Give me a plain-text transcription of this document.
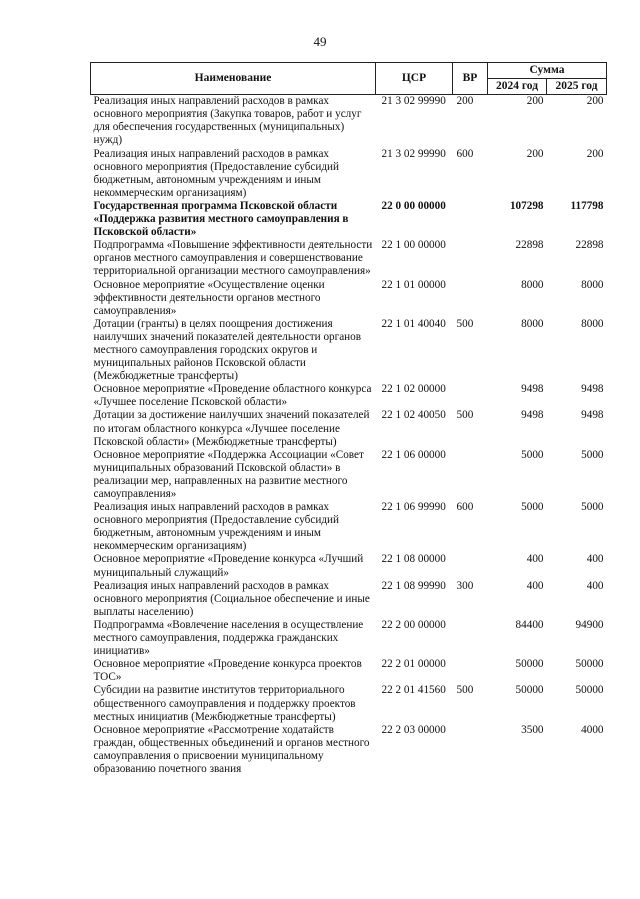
49
Наименование	ЦСР	ВР	Сумма	
			2024 год	2025 год
Реализация иных направлений расходов в рамках основного мероприятия (Закупка товаров, работ и услуг для обеспечения государственных (муниципальных) нужд)	21 3 02 99990	200	200	200
Реализация иных направлений расходов в рамках основного мероприятия (Предоставление субсидий бюджетным, автономным учреждениям и иным некоммерческим организациям)	21 3 02 99990	600	200	200
Государственная программа Псковской области «Поддержка развития местного самоуправления в Псковской области»	22 0 00 00000		107298	117798
Подпрограмма «Повышение эффективности деятельности органов местного самоуправления и совершенствование территориальной организации местного самоуправления»	22 1 00 00000		22898	22898
Основное мероприятие «Осуществление оценки эффективности деятельности органов местного самоуправления»	22 1 01 00000		8000	8000
Дотации (гранты) в целях поощрения достижения наилучших значений показателей деятельности органов местного самоуправления городских округов и муниципальных районов Псковской области (Межбюджетные трансферты)	22 1 01 40040	500	8000	8000
Основное мероприятие «Проведение областного конкурса «Лучшее поселение Псковской области»	22 1 02 00000		9498	9498
Дотации за достижение наилучших значений показателей по итогам областного конкурса «Лучшее поселение Псковской области» (Межбюджетные трансферты)	22 1 02 40050	500	9498	9498
Основное мероприятие «Поддержка Ассоциации «Совет муниципальных образований Псковской области» в реализации мер, направленных на развитие местного самоуправления»	22 1 06 00000		5000	5000
Реализация иных направлений расходов в рамках основного мероприятия (Предоставление субсидий бюджетным, автономным учреждениям и иным некоммерческим организациям)	22 1 06 99990	600	5000	5000
Основное мероприятие «Проведение конкурса «Лучший муниципальный служащий»	22 1 08 00000		400	400
Реализация иных направлений расходов в рамках основного мероприятия (Социальное обеспечение и иные выплаты населению)	22 1 08 99990	300	400	400
Подпрограмма «Вовлечение населения в осуществление местного самоуправления, поддержка гражданских инициатив»	22 2 00 00000		84400	94900
Основное мероприятие «Проведение конкурса проектов ТОС»	22 2 01 00000		50000	50000
Субсидии на развитие институтов территориального общественного самоуправления и поддержку проектов местных инициатив (Межбюджетные трансферты)	22 2 01 41560	500	50000	50000
Основное мероприятие «Рассмотрение ходатайств граждан, общественных объединений и органов местного самоуправления о присвоении муниципальному образованию почетного звания	22 2 03 00000		3500	4000
